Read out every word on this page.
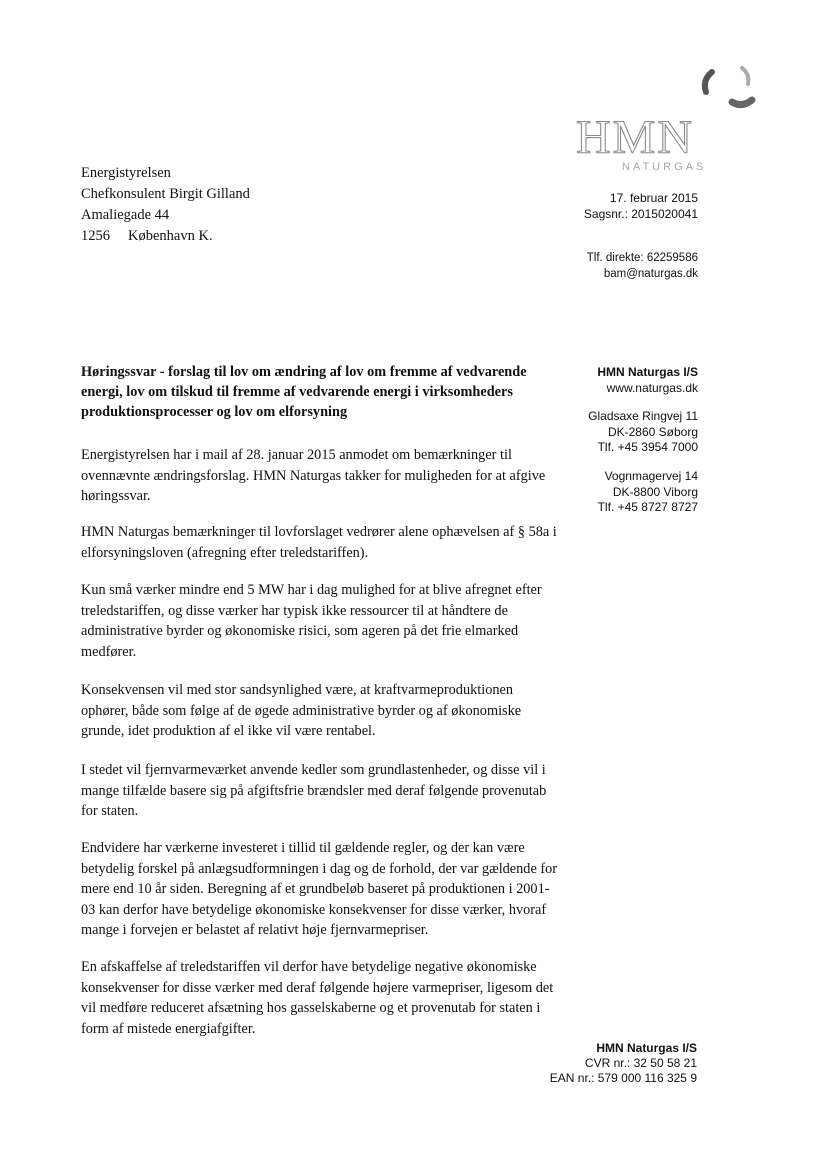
HMN
NATURGAS
Energistyrelsen
Chefkonsulent Birgit Gilland
Amaliegade 44
1256 København K.
17. februar 2015
Sagsnr.: 2015020041
Tlf. direkte: 62259586
bam@naturgas.dk
HMN Naturgas I/S
www.naturgas.dk
Gladsaxe Ringvej 11
DK-2860 Søborg
Tlf. +45 3954 7000
Vognmagervej 14
DK-8800 Viborg
Tlf. +45 8727 8727
Høringssvar - forslag til lov om ændring af lov om fremme af vedvarende energi, lov om tilskud til fremme af vedvarende energi i virksomheders produktionsprocesser og lov om elforsyning
Energistyrelsen har i mail af 28. januar 2015 anmodet om bemærkninger til ovennævnte ændringsforslag. HMN Naturgas takker for muligheden for at afgive høringssvar.
HMN Naturgas bemærkninger til lovforslaget vedrører alene ophævelsen af § 58a i elforsyningsloven (afregning efter treledstariffen).
Kun små værker mindre end 5 MW har i dag mulighed for at blive afregnet efter treledstariffen, og disse værker har typisk ikke ressourcer til at håndtere de administrative byrder og økonomiske risici, som ageren på det frie elmarked medfører.
Konsekvensen vil med stor sandsynlighed være, at kraftvarmeproduktionen ophører, både som følge af de øgede administrative byrder og af økonomiske grunde, idet produktion af el ikke vil være rentabel.
I stedet vil fjernvarmeværket anvende kedler som grundlastenheder, og disse vil i mange tilfælde basere sig på afgiftsfrie brændsler med deraf følgende provenutab for staten.
Endvidere har værkerne investeret i tillid til gældende regler, og der kan være betydelig forskel på anlægsudformningen i dag og de forhold, der var gældende for mere end 10 år siden. Beregning af et grundbeløb baseret på produktionen i 2001-03 kan derfor have betydelige økonomiske konsekvenser for disse værker, hvoraf mange i forvejen er belastet af relativt høje fjernvarmepriser.
En afskaffelse af treledstariffen vil derfor have betydelige negative økonomiske konsekvenser for disse værker med deraf følgende højere varmepriser, ligesom det vil medføre reduceret afsætning hos gasselskaberne og et provenutab for staten i form af mistede energiafgifter.
HMN Naturgas I/S
CVR nr.: 32 50 58 21
EAN nr.: 579 000 116 325 9
